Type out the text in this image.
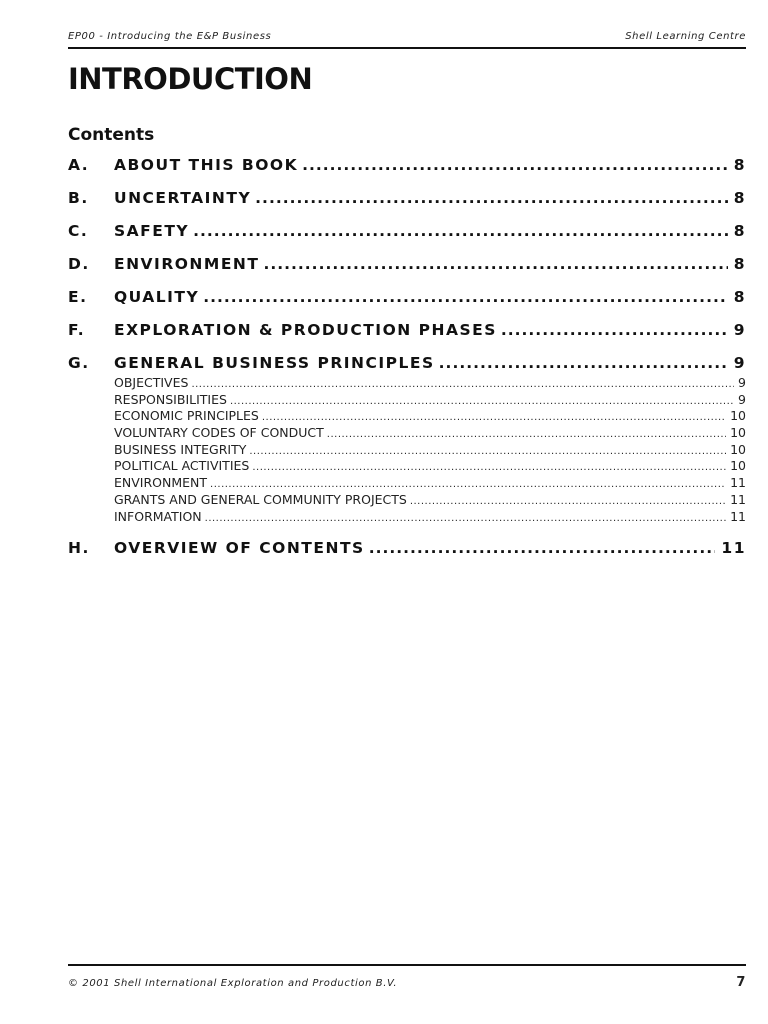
EP00 - Introducing the E&P Business	Shell Learning Centre
INTRODUCTION
Contents
A.	ABOUT THIS BOOK .....	8
B.	UNCERTAINTY .....	8
C.	SAFETY .....	8
D.	ENVIRONMENT .....	8
E.	QUALITY .....	8
F.	EXPLORATION & PRODUCTION PHASES .....	9
G.	GENERAL BUSINESS PRINCIPLES .....	9
OBJECTIVES .....	9
RESPONSIBILITIES .....	9
ECONOMIC PRINCIPLES .....	10
VOLUNTARY CODES OF CONDUCT .....	10
BUSINESS INTEGRITY .....	10
POLITICAL ACTIVITIES .....	10
ENVIRONMENT .....	11
GRANTS AND GENERAL COMMUNITY PROJECTS .....	11
INFORMATION .....	11
H.	OVERVIEW OF CONTENTS .....	11
© 2001 Shell International Exploration and Production B.V.	7
